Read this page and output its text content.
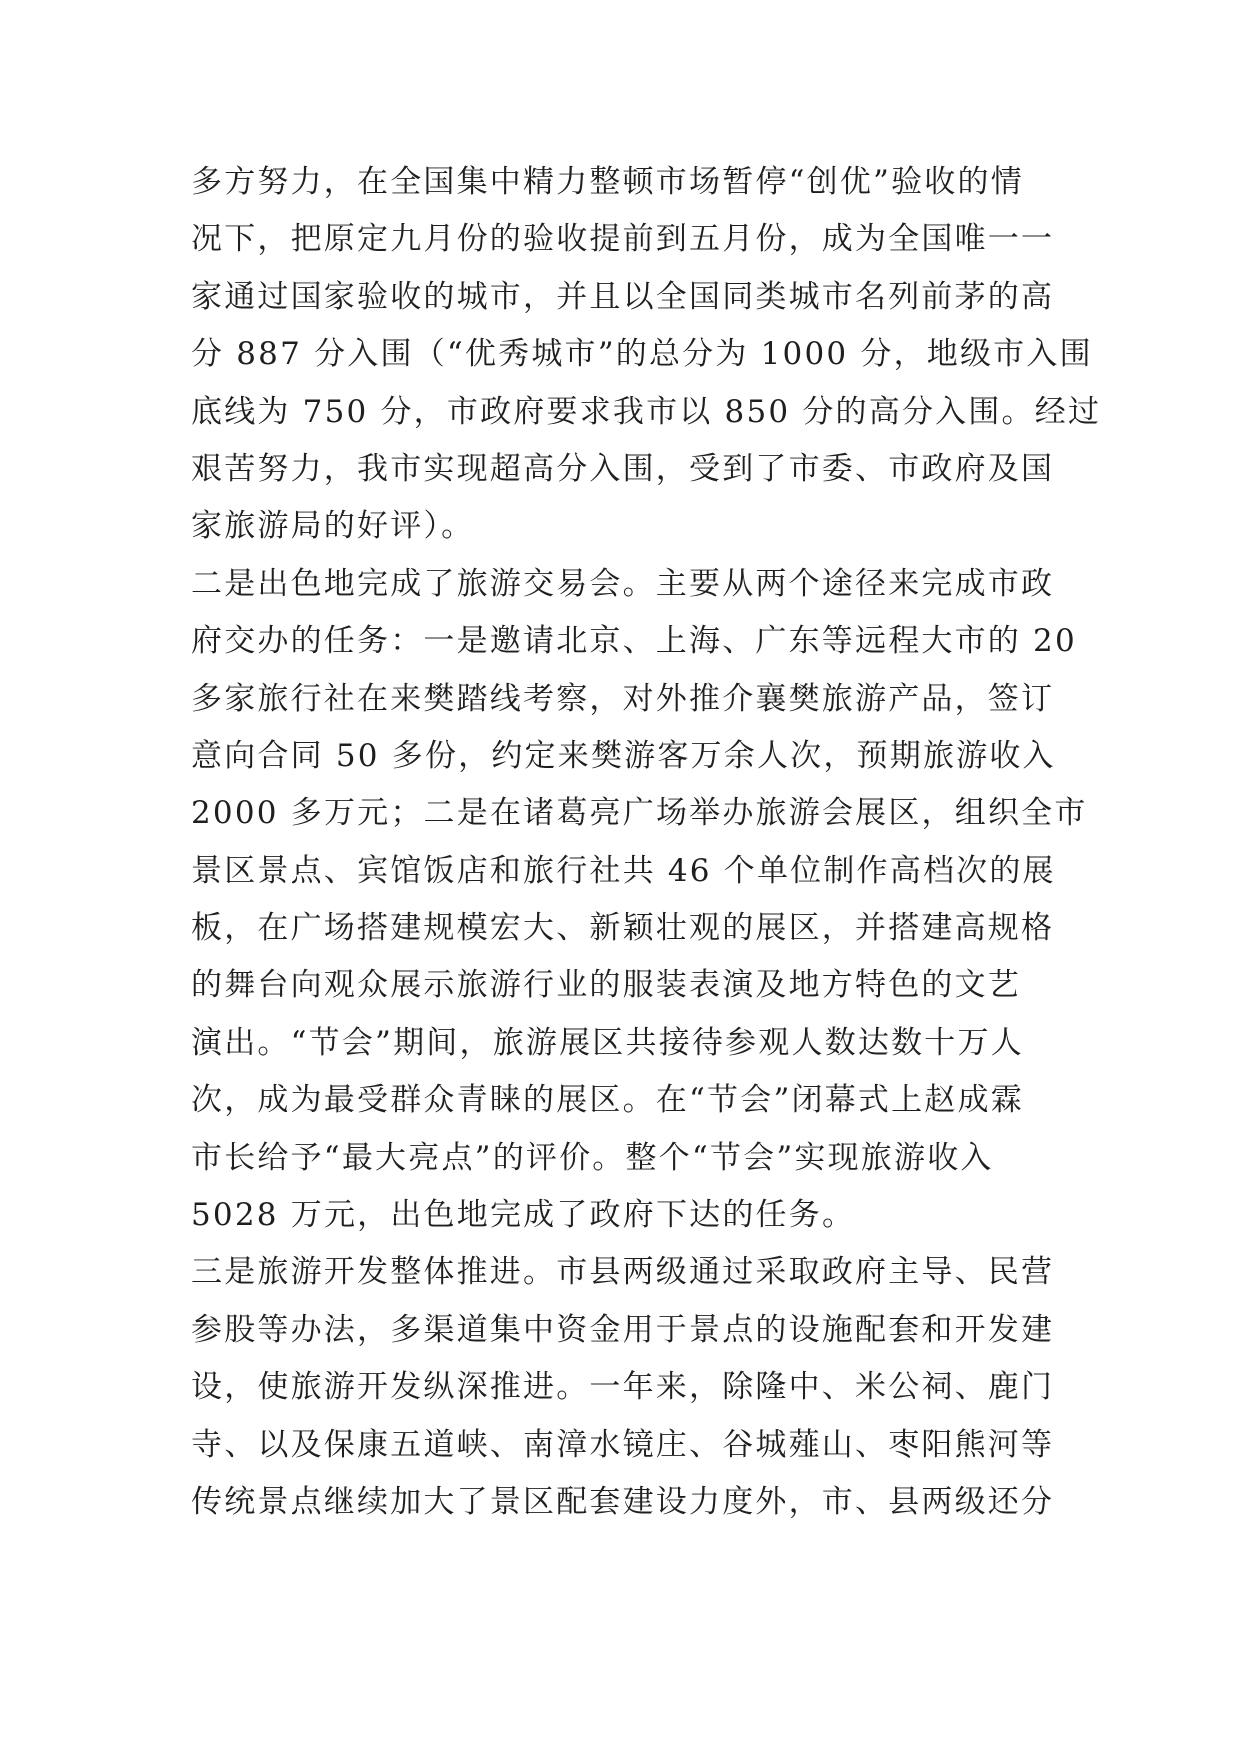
多方努力，在全国集中精力整顿市场暂停“创优”验收的情
况下，把原定九月份的验收提前到五月份，成为全国唯一一
家通过国家验收的城市，并且以全国同类城市名列前茅的高
分 887 分入围（“优秀城市”的总分为 1000 分，地级市入围
底线为 750 分，市政府要求我市以 850 分的高分入围。经过
艰苦努力，我市实现超高分入围，受到了市委、市政府及国
家旅游局的好评）。
二是出色地完成了旅游交易会。主要从两个途径来完成市政
府交办的任务：一是邀请北京、上海、广东等远程大市的 20
多家旅行社在来樊踏线考察，对外推介襄樊旅游产品，签订
意向合同 50 多份，约定来樊游客万余人次，预期旅游收入
2000 多万元；二是在诸葛亮广场举办旅游会展区，组织全市
景区景点、宾馆饭店和旅行社共 46 个单位制作高档次的展
板，在广场搭建规模宏大、新颖壮观的展区，并搭建高规格
的舞台向观众展示旅游行业的服装表演及地方特色的文艺
演出。“节会”期间，旅游展区共接待参观人数达数十万人
次，成为最受群众青睐的展区。在“节会”闭幕式上赵成霖
市长给予“最大亮点”的评价。整个“节会”实现旅游收入
5028 万元，出色地完成了政府下达的任务。
三是旅游开发整体推进。市县两级通过采取政府主导、民营
参股等办法，多渠道集中资金用于景点的设施配套和开发建
设，使旅游开发纵深推进。一年来，除隆中、米公祠、鹿门
寺、以及保康五道峡、南漳水镜庄、谷城薤山、枣阳熊河等
传统景点继续加大了景区配套建设力度外，市、县两级还分
